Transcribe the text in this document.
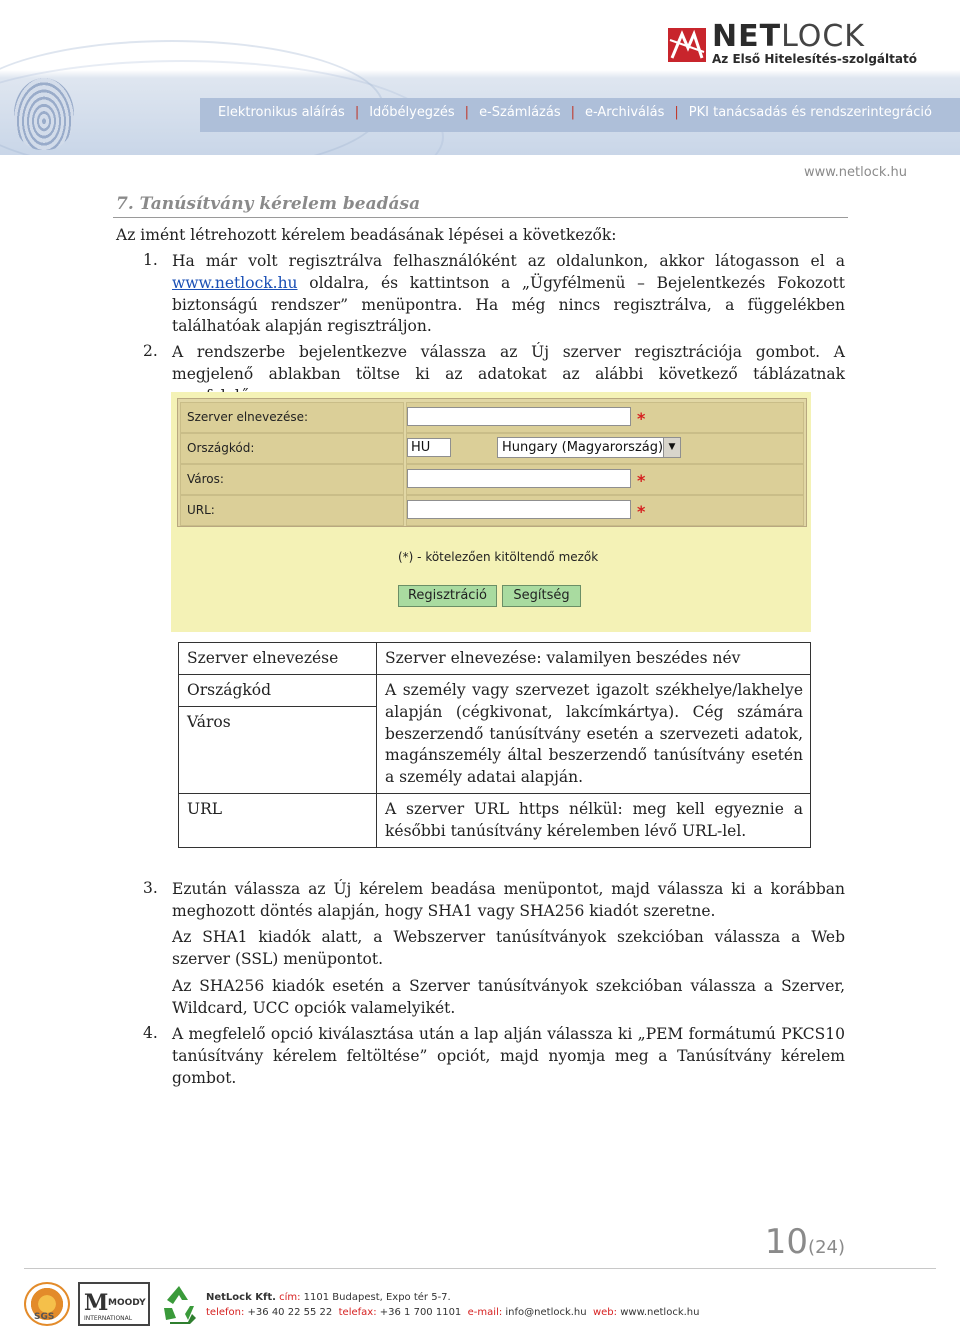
NETLOCK
Az Első Hitelesítés-szolgáltató
Elektronikus aláírás | Időbélyegzés | e-Számlázás | e-Archiválás | PKI tanácsadás és rendszerintegráció
www.netlock.hu
7. Tanúsítvány kérelem beadása
Az imént létrehozott kérelem beadásának lépései a következők:
1. Ha már volt regisztrálva felhasználóként az oldalunkon, akkor látogasson el a www.netlock.hu oldalra, és kattintson a „Ügyfélmenü – Bejelentkezés Fokozott biztonságú rendszer” menüpontra. Ha még nincs regisztrálva, a függelékben találhatóak alapján regisztráljon.
2. A rendszerbe bejelentkezve válassza az Új szerver regisztrációja gombot. A megjelenő ablakban töltse ki az adatokat az alábbi következő táblázatnak
Szerver elnevezése:	*
Országkód:	HU	Hungary (Magyarország) ▼
Város:	*
URL:	*
(*) - kötelezően kitöltendő mezők
Regisztráció	Segítség
Szerver elnevezése	Szerver elnevezése: valamilyen beszédes név
Országkód	A személy vagy szervezet igazolt székhelye/lakhelye alapján (cégkivonat, lakcímkártya). Cég számára beszerzendő tanúsítvány esetén a szervezeti adatok, magánszemély által beszerzendő tanúsítvány esetén a személy adatai alapján.
Város
URL	A szerver URL https nélkül: meg kell egyeznie a későbbi tanúsítvány kérelemben lévő URL-lel.
3. Ezután válassza az Új kérelem beadása menüpontot, majd válassza ki a korábban meghozott döntés alapján, hogy SHA1 vagy SHA256 kiadót szeretne.
Az SHA1 kiadók alatt, a Webszerver tanúsítványok szekcióban válassza a Web szerver (SSL) menüpontot.
Az SHA256 kiadók esetén a Szerver tanúsítványok szekcióban válassza a Szerver, Wildcard, UCC opciók valamelyikét.
4. A megfelelő opció kiválasztása után a lap alján válassza ki „PEM formátumú PKCS10 tanúsítvány kérelem feltöltése” opciót, majd nyomja meg a Tanúsítvány kérelem gombot.
10(24)
SGS
M MOODY
INTERNATIONAL
NetLock Kft. cím: 1101 Budapest, Expo tér 5-7.
telefon: +36 40 22 55 22 telefax: +36 1 700 1101 e-mail: info@netlock.hu web: www.netlock.hu
